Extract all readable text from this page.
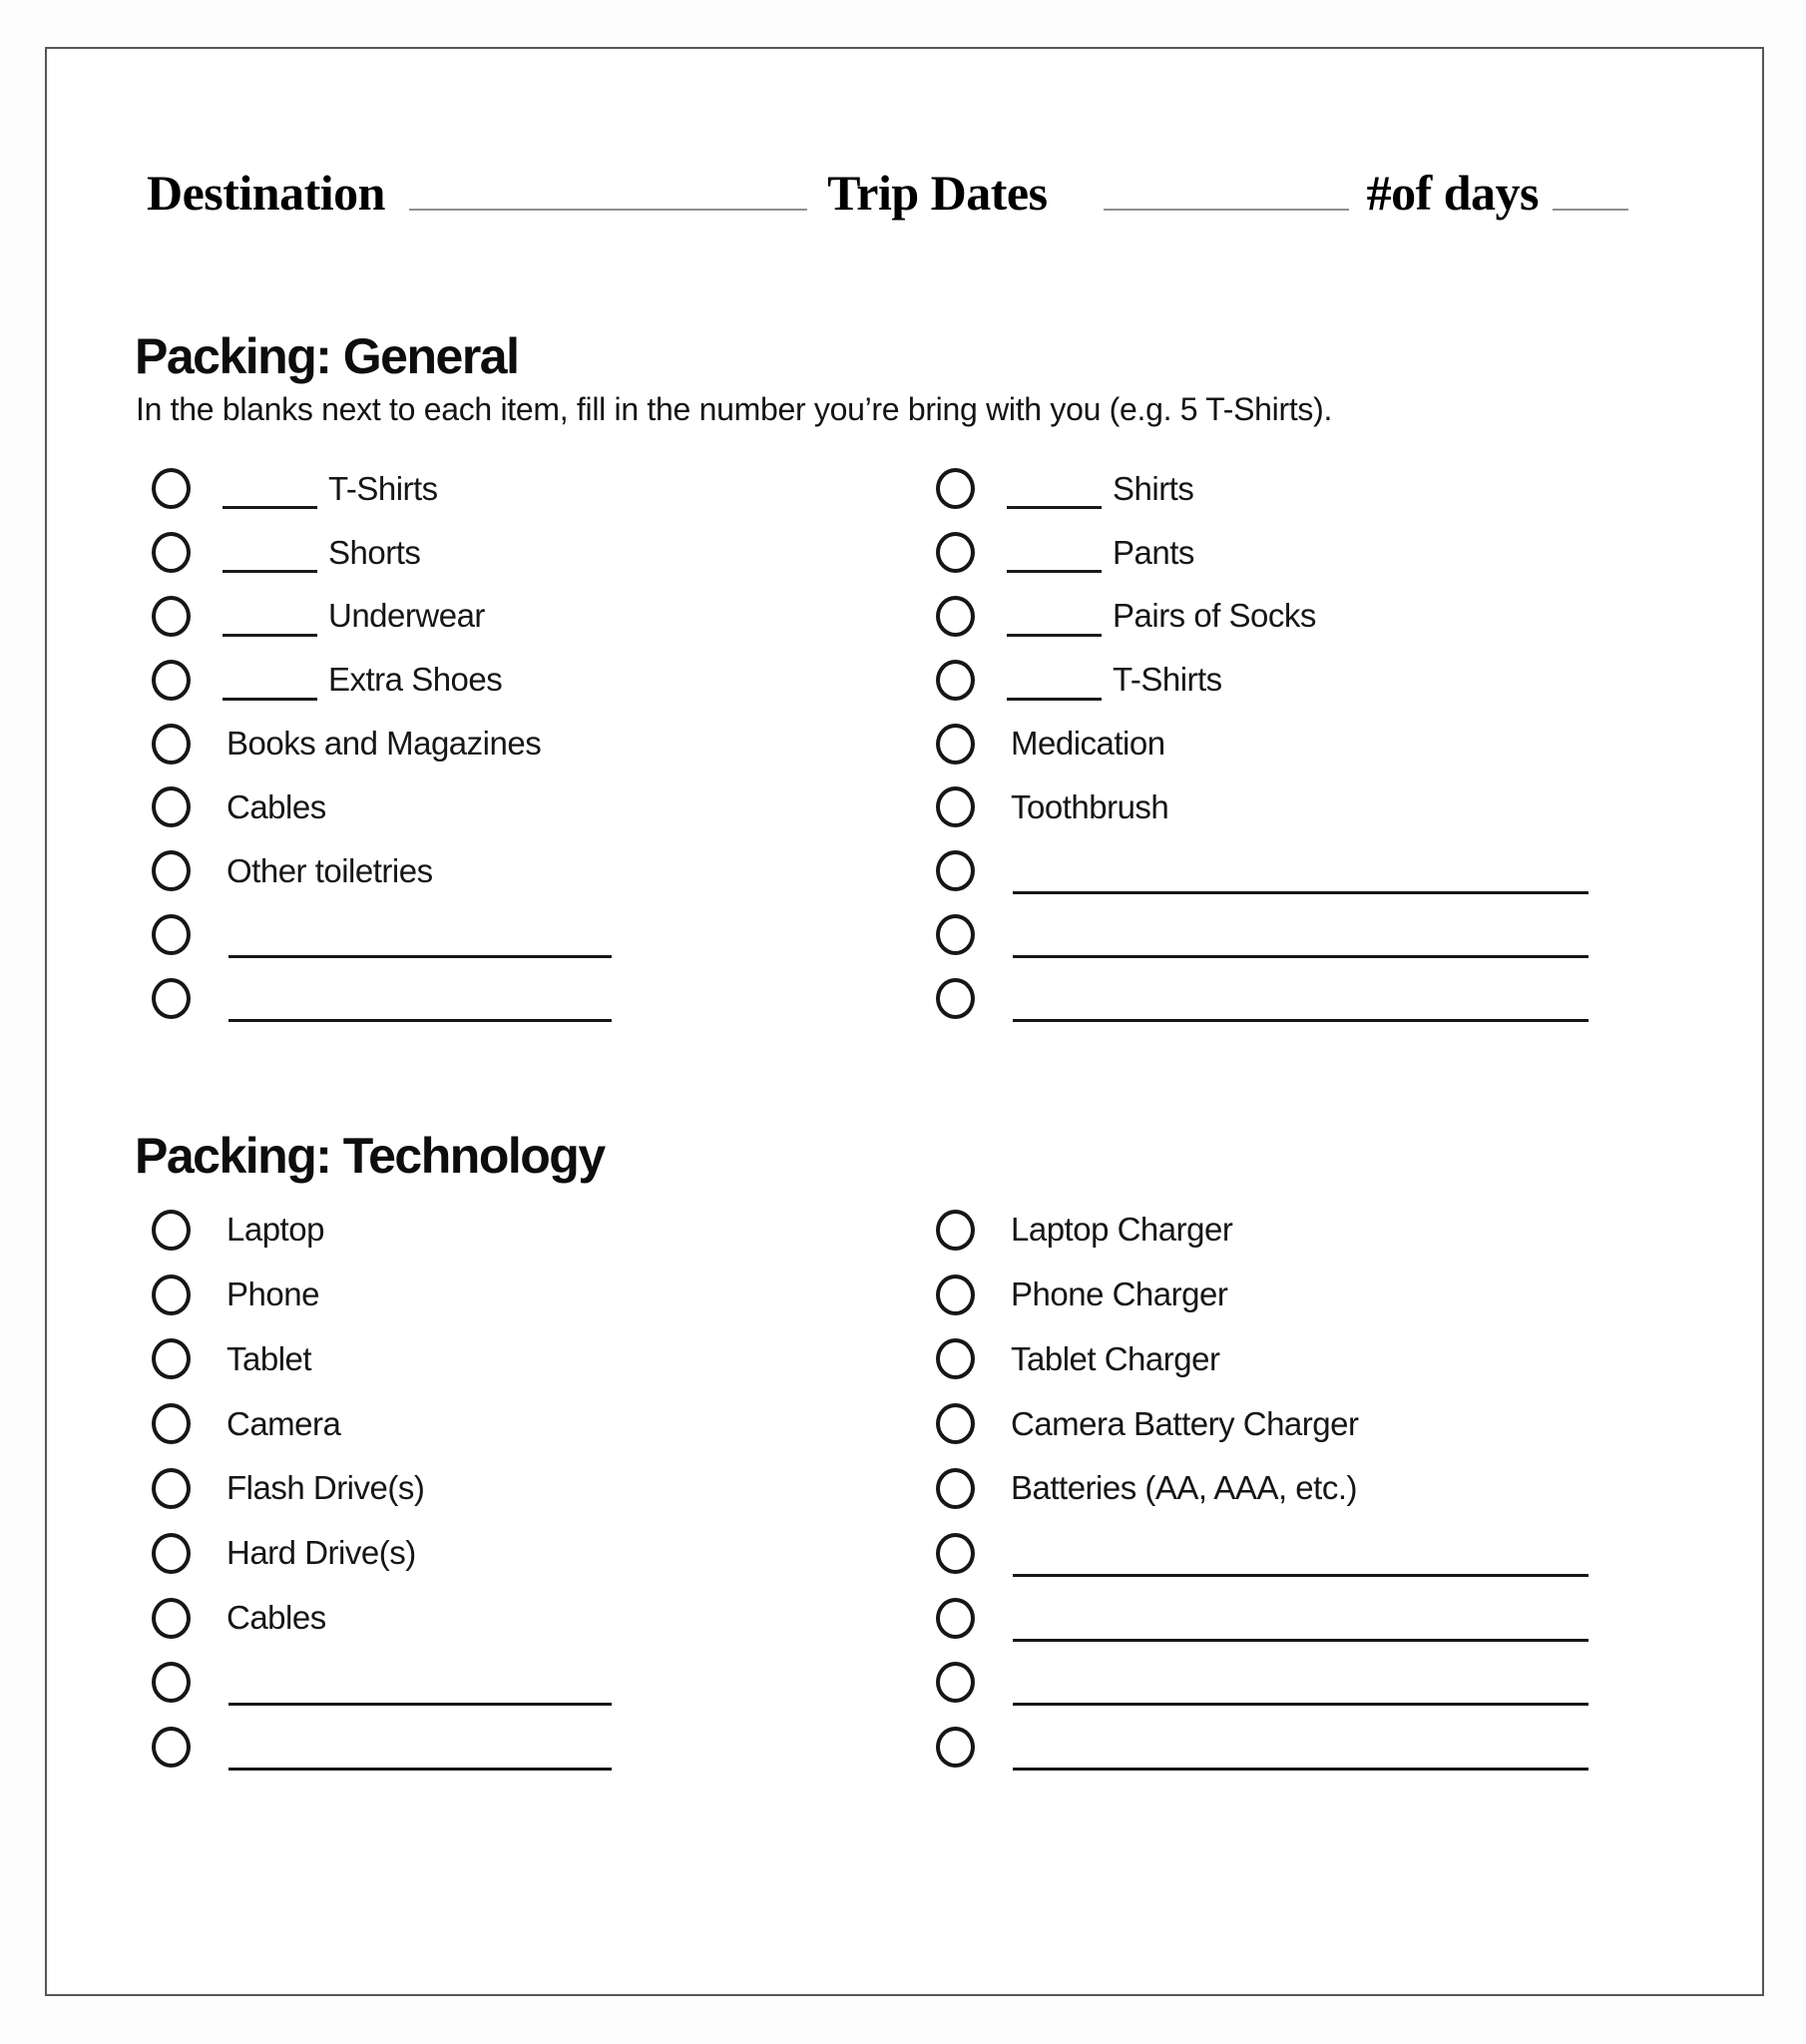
Destination	Trip Dates	#of days
Packing: General
In the blanks next to each item, fill in the number you’re bring with you (e.g. 5 T-Shirts).
T-Shirts
Shorts
Underwear
Extra Shoes
Books and Magazines
Cables
Other toiletries
Shirts
Pants
Pairs of Socks
T-Shirts
Medication
Toothbrush
Packing: Technology
Laptop
Phone
Tablet
Camera
Flash Drive(s)
Hard Drive(s)
Cables
Laptop Charger
Phone Charger
Tablet Charger
Camera Battery Charger
Batteries (AA, AAA, etc.)
